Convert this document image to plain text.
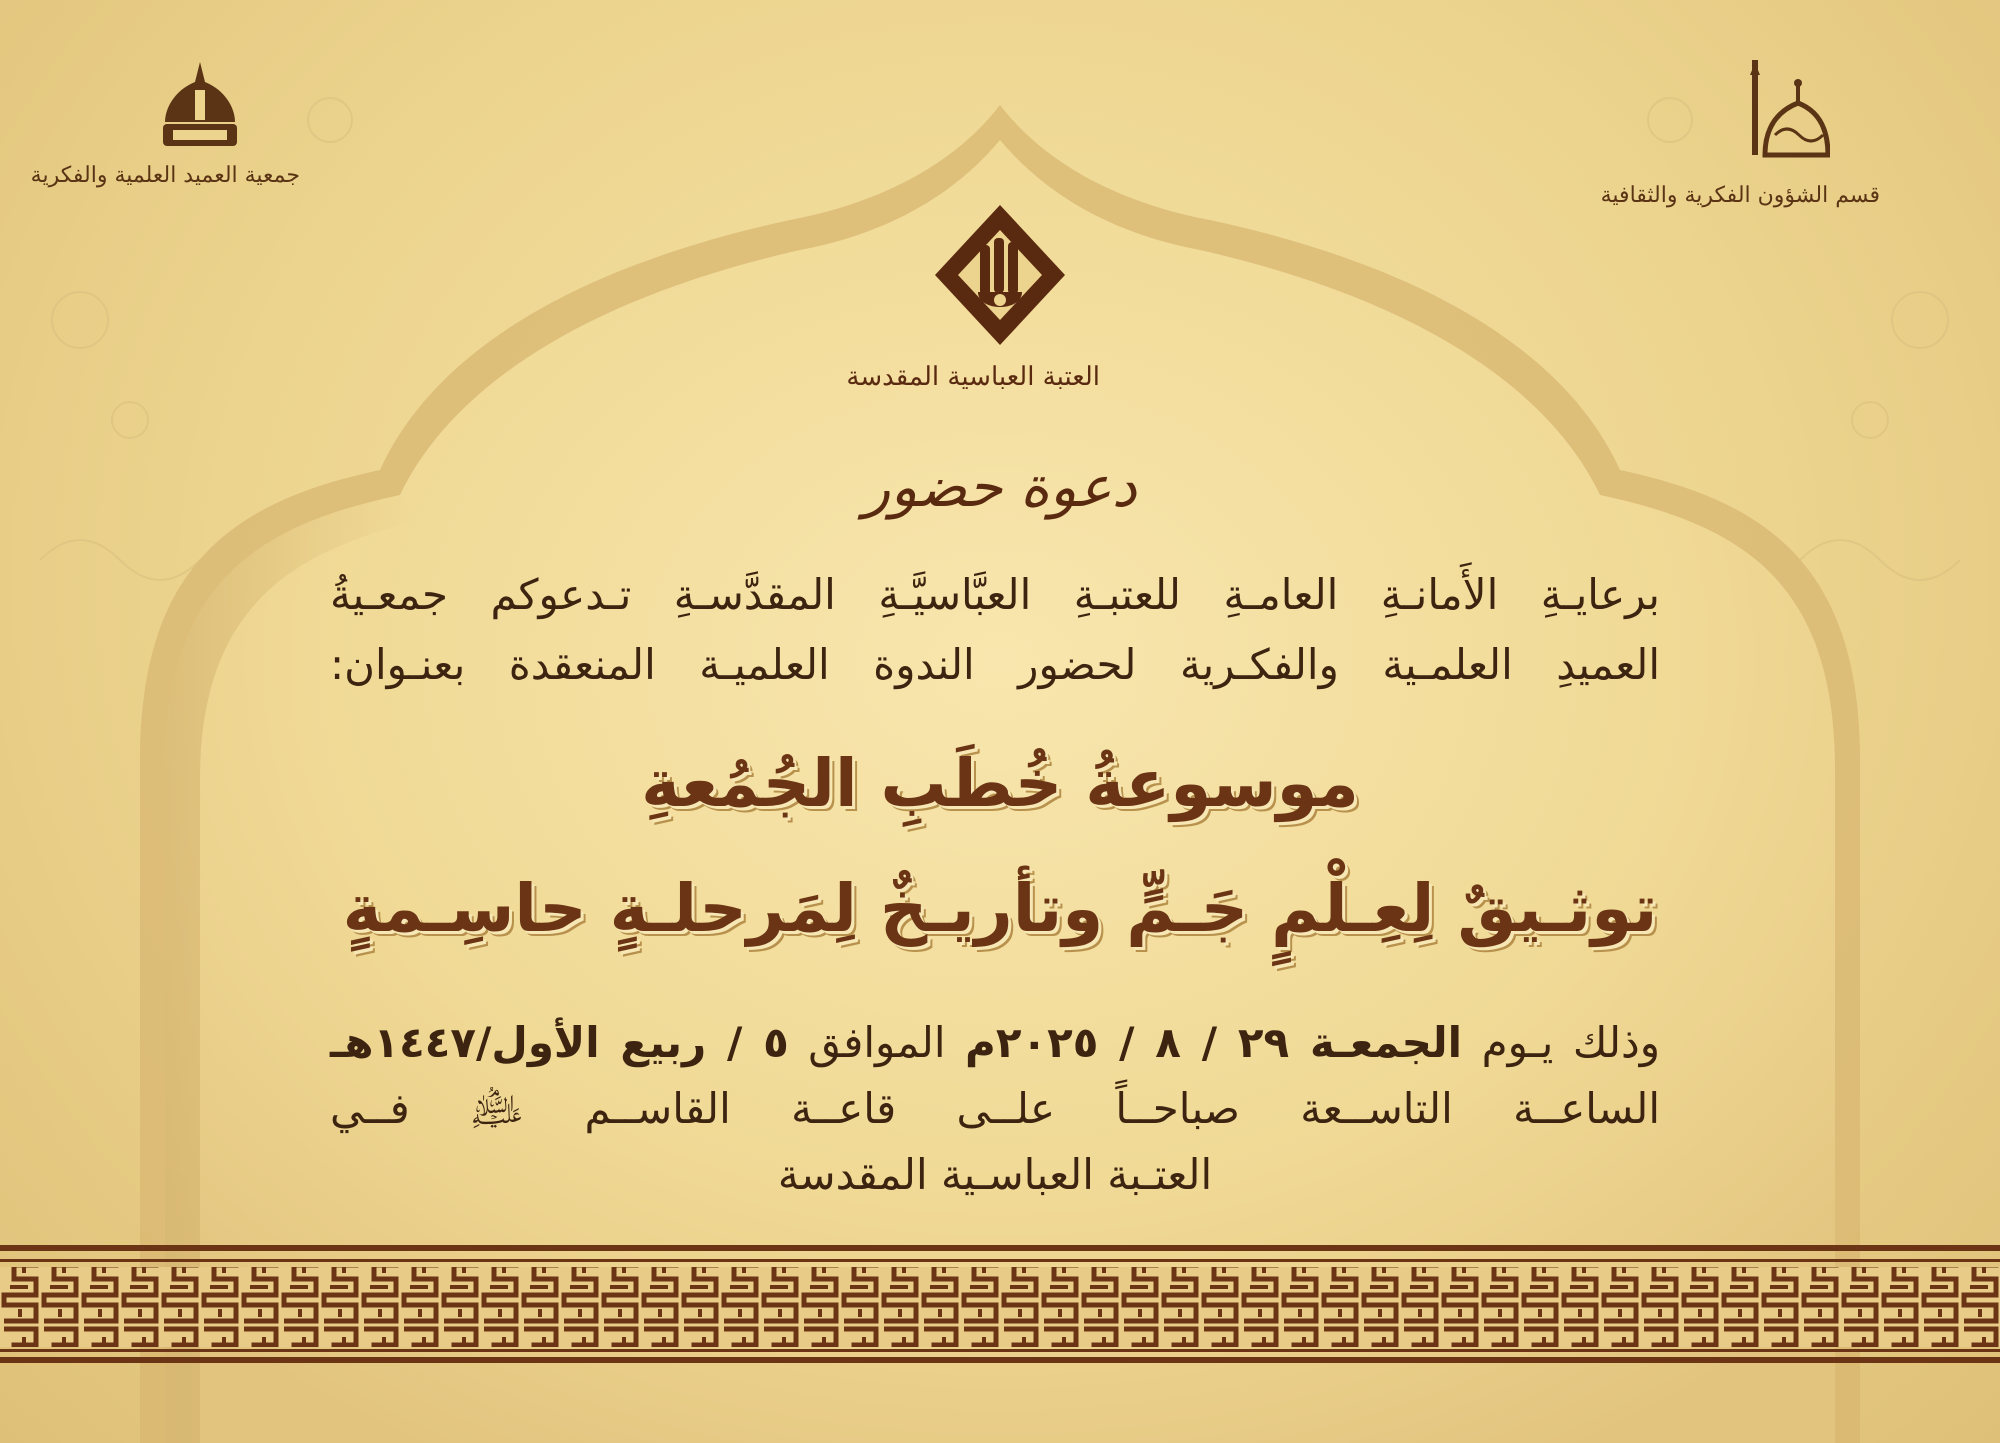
جمعية العميد العلمية والفكرية
قسم الشؤون الفكرية والثقافية
العتبة العباسية المقدسة
دعوة حضور

برعايـةِ الأَمانـةِ العامـةِ للعتبـةِ العبَّاسيَّـةِ المقدَّسـةِ تـدعوكم جمعـيةُ

العميدِ العلمـية والفكـرية لحضور الندوة العلميـة المنعقدة بعنـوان:

موسوعةُ خُطَبِ الجُمُعةِ
توثـيقٌ لِعِـلْمٍ جَـمٍّ وتأريـخٌ لِمَرحلـةٍ حاسِـمةٍ

وذلك يـوم الجمعـة ٢٩ / ٨ / ٢٠٢٥م الموافق ٥ / ربيع الأول/١٤٤٧هـ

الساعــة التاســعة صباحــاً علــى قاعــة القاســم ﵇ فــي

العتـبة العباسـية المقدسة
